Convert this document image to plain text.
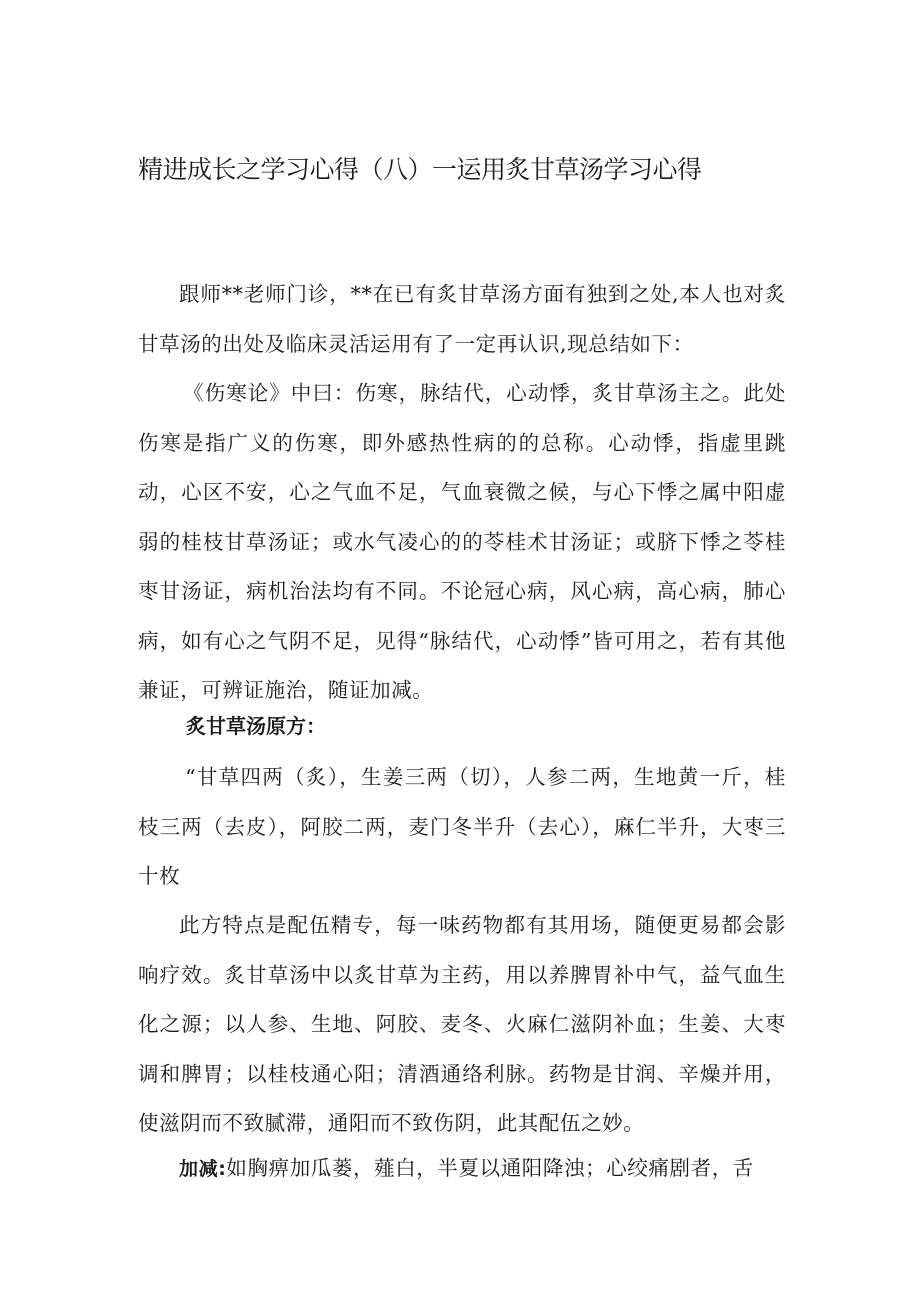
精进成长之学习心得（八）一运用炙甘草汤学习心得

跟师**老师门诊，**在已有炙甘草汤方面有独到之处,本人也对炙甘草汤的出处及临床灵活运用有了一定再认识,现总结如下：

《伤寒论》中曰：伤寒，脉结代，心动悸，炙甘草汤主之。此处伤寒是指广义的伤寒，即外感热性病的的总称。心动悸，指虚里跳动，心区不安，心之气血不足，气血衰微之候，与心下悸之属中阳虚弱的桂枝甘草汤证；或水气凌心的的苓桂术甘汤证；或脐下悸之苓桂枣甘汤证，病机治法均有不同。不论冠心病，风心病，高心病，肺心病，如有心之气阴不足，见得“脉结代，心动悸”皆可用之，若有其他兼证，可辨证施治，随证加减。

炙甘草汤原方：

“甘草四两（炙），生姜三两（切），人参二两，生地黄一斤，桂枝三两（去皮），阿胶二两，麦门冬半升（去心），麻仁半升，大枣三十枚

此方特点是配伍精专，每一味药物都有其用场，随便更易都会影响疗效。炙甘草汤中以炙甘草为主药，用以养脾胃补中气，益气血生化之源；以人参、生地、阿胶、麦冬、火麻仁滋阴补血；生姜、大枣调和脾胃；以桂枝通心阳；清酒通络利脉。药物是甘润、辛燥并用，使滋阴而不致腻滞，通阳而不致伤阴，此其配伍之妙。

加减:如胸痹加瓜蒌，薤白，半夏以通阳降浊；心绞痛剧者，舌
